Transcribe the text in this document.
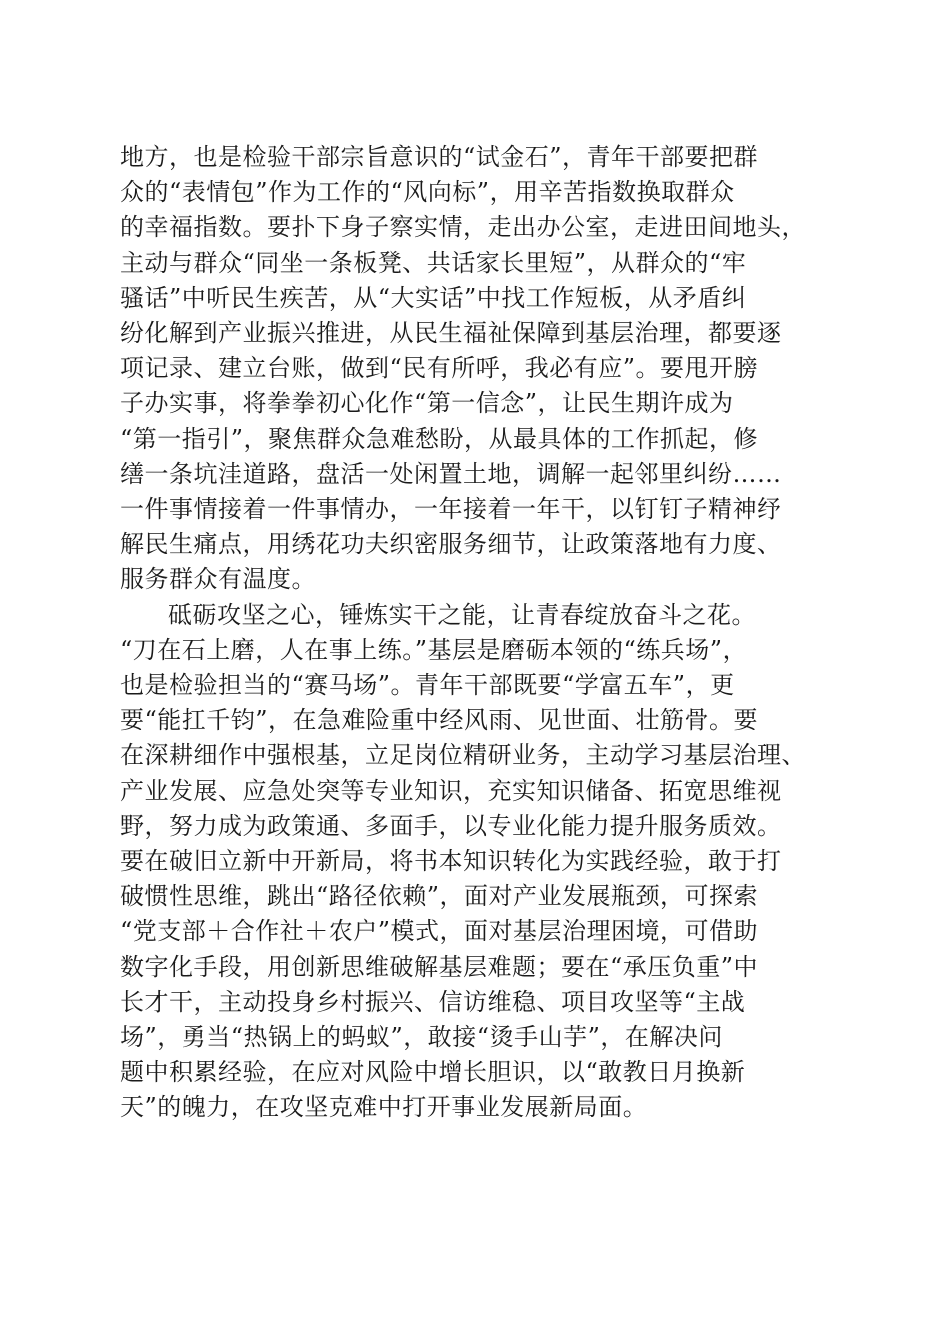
地方，也是检验干部宗旨意识的“试金石”，青年干部要把群
众的“表情包”作为工作的“风向标”，用辛苦指数换取群众
的幸福指数。要扑下身子察实情，走出办公室，走进田间地头，
主动与群众“同坐一条板凳、共话家长里短”，从群众的“牢
骚话”中听民生疾苦，从“大实话”中找工作短板，从矛盾纠
纷化解到产业振兴推进，从民生福祉保障到基层治理，都要逐
项记录、建立台账，做到“民有所呼，我必有应”。要甩开膀
子办实事，将拳拳初心化作“第一信念”，让民生期许成为
“第一指引”，聚焦群众急难愁盼，从最具体的工作抓起，修
缮一条坑洼道路，盘活一处闲置土地，调解一起邻里纠纷……
一件事情接着一件事情办，一年接着一年干，以钉钉子精神纾
解民生痛点，用绣花功夫织密服务细节，让政策落地有力度、
服务群众有温度。
砥砺攻坚之心，锤炼实干之能，让青春绽放奋斗之花。
“刀在石上磨，人在事上练。”基层是磨砺本领的“练兵场”，
也是检验担当的“赛马场”。青年干部既要“学富五车”，更
要“能扛千钧”，在急难险重中经风雨、见世面、壮筋骨。要
在深耕细作中强根基，立足岗位精研业务，主动学习基层治理、
产业发展、应急处突等专业知识，充实知识储备、拓宽思维视
野，努力成为政策通、多面手，以专业化能力提升服务质效。
要在破旧立新中开新局，将书本知识转化为实践经验，敢于打
破惯性思维，跳出“路径依赖”，面对产业发展瓶颈，可探索
“党支部＋合作社＋农户”模式，面对基层治理困境，可借助
数字化手段，用创新思维破解基层难题；要在“承压负重”中
长才干，主动投身乡村振兴、信访维稳、项目攻坚等“主战
场”，勇当“热锅上的蚂蚁”，敢接“烫手山芋”，在解决问
题中积累经验，在应对风险中增长胆识，以“敢教日月换新
天”的魄力，在攻坚克难中打开事业发展新局面。
